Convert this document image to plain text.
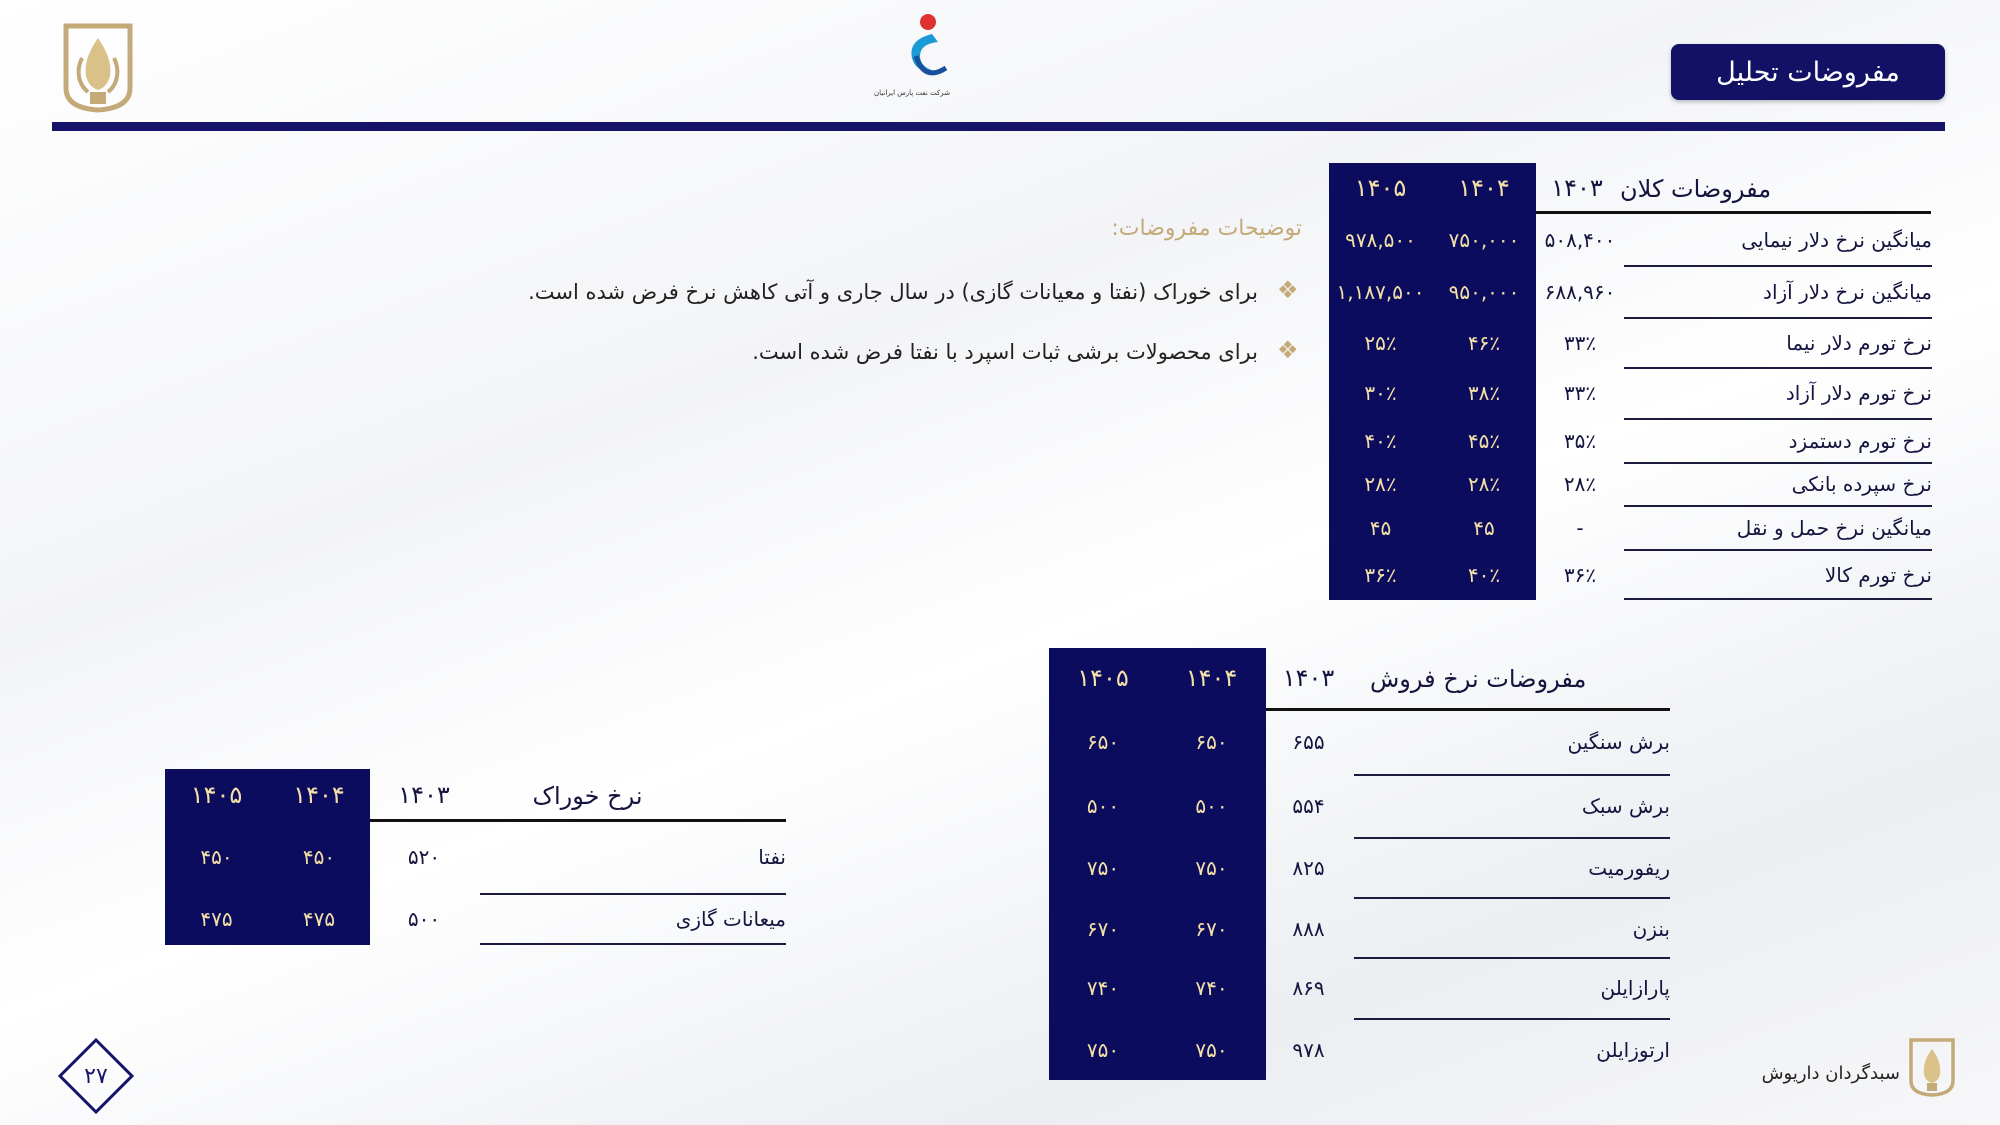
مفروضات تحلیل
شرکت نفت پارس ایرانیان
مفروضات کلان
۱۴۰۳
۱۴۰۴
۱۴۰۵
میانگین نرخ دلار نیمایی
۵۰۸,۴۰۰
۷۵۰,۰۰۰
۹۷۸,۵۰۰
میانگین نرخ دلار آزاد
۶۸۸,۹۶۰
۹۵۰,۰۰۰
۱,۱۸۷,۵۰۰
نرخ تورم دلار نیما
۳۳٪
۴۶٪
۲۵٪
نرخ تورم دلار آزاد
۳۳٪
۳۸٪
۳۰٪
نرخ تورم دستمزد
۳۵٪
۴۵٪
۴۰٪
نرخ سپرده بانکی
۲۸٪
۲۸٪
۲۸٪
میانگین نرخ حمل و نقل
-
۴۵
۴۵
نرخ تورم کالا
۳۶٪
۴۰٪
۳۶٪
توضیحات مفروضات:
❖
برای خوراک (نفتا و معیانات گازی) در سال جاری و آتی کاهش نرخ فرض شده است.
❖
برای محصولات برشی ثبات اسپرد با نفتا فرض شده است.
مفروضات نرخ فروش
۱۴۰۳
۱۴۰۴
۱۴۰۵
برش سنگین
۶۵۵
۶۵۰
۶۵۰
برش سبک
۵۵۴
۵۰۰
۵۰۰
ریفورمیت
۸۲۵
۷۵۰
۷۵۰
بنزن
۸۸۸
۶۷۰
۶۷۰
پارازایلن
۸۶۹
۷۴۰
۷۴۰
ارتوزایلن
۹۷۸
۷۵۰
۷۵۰
نرخ خوراک
۱۴۰۳
۱۴۰۴
۱۴۰۵
نفتا
۵۲۰
۴۵۰
۴۵۰
میعانات گازی
۵۰۰
۴۷۵
۴۷۵
سبدگردان داریوش
۲۷
